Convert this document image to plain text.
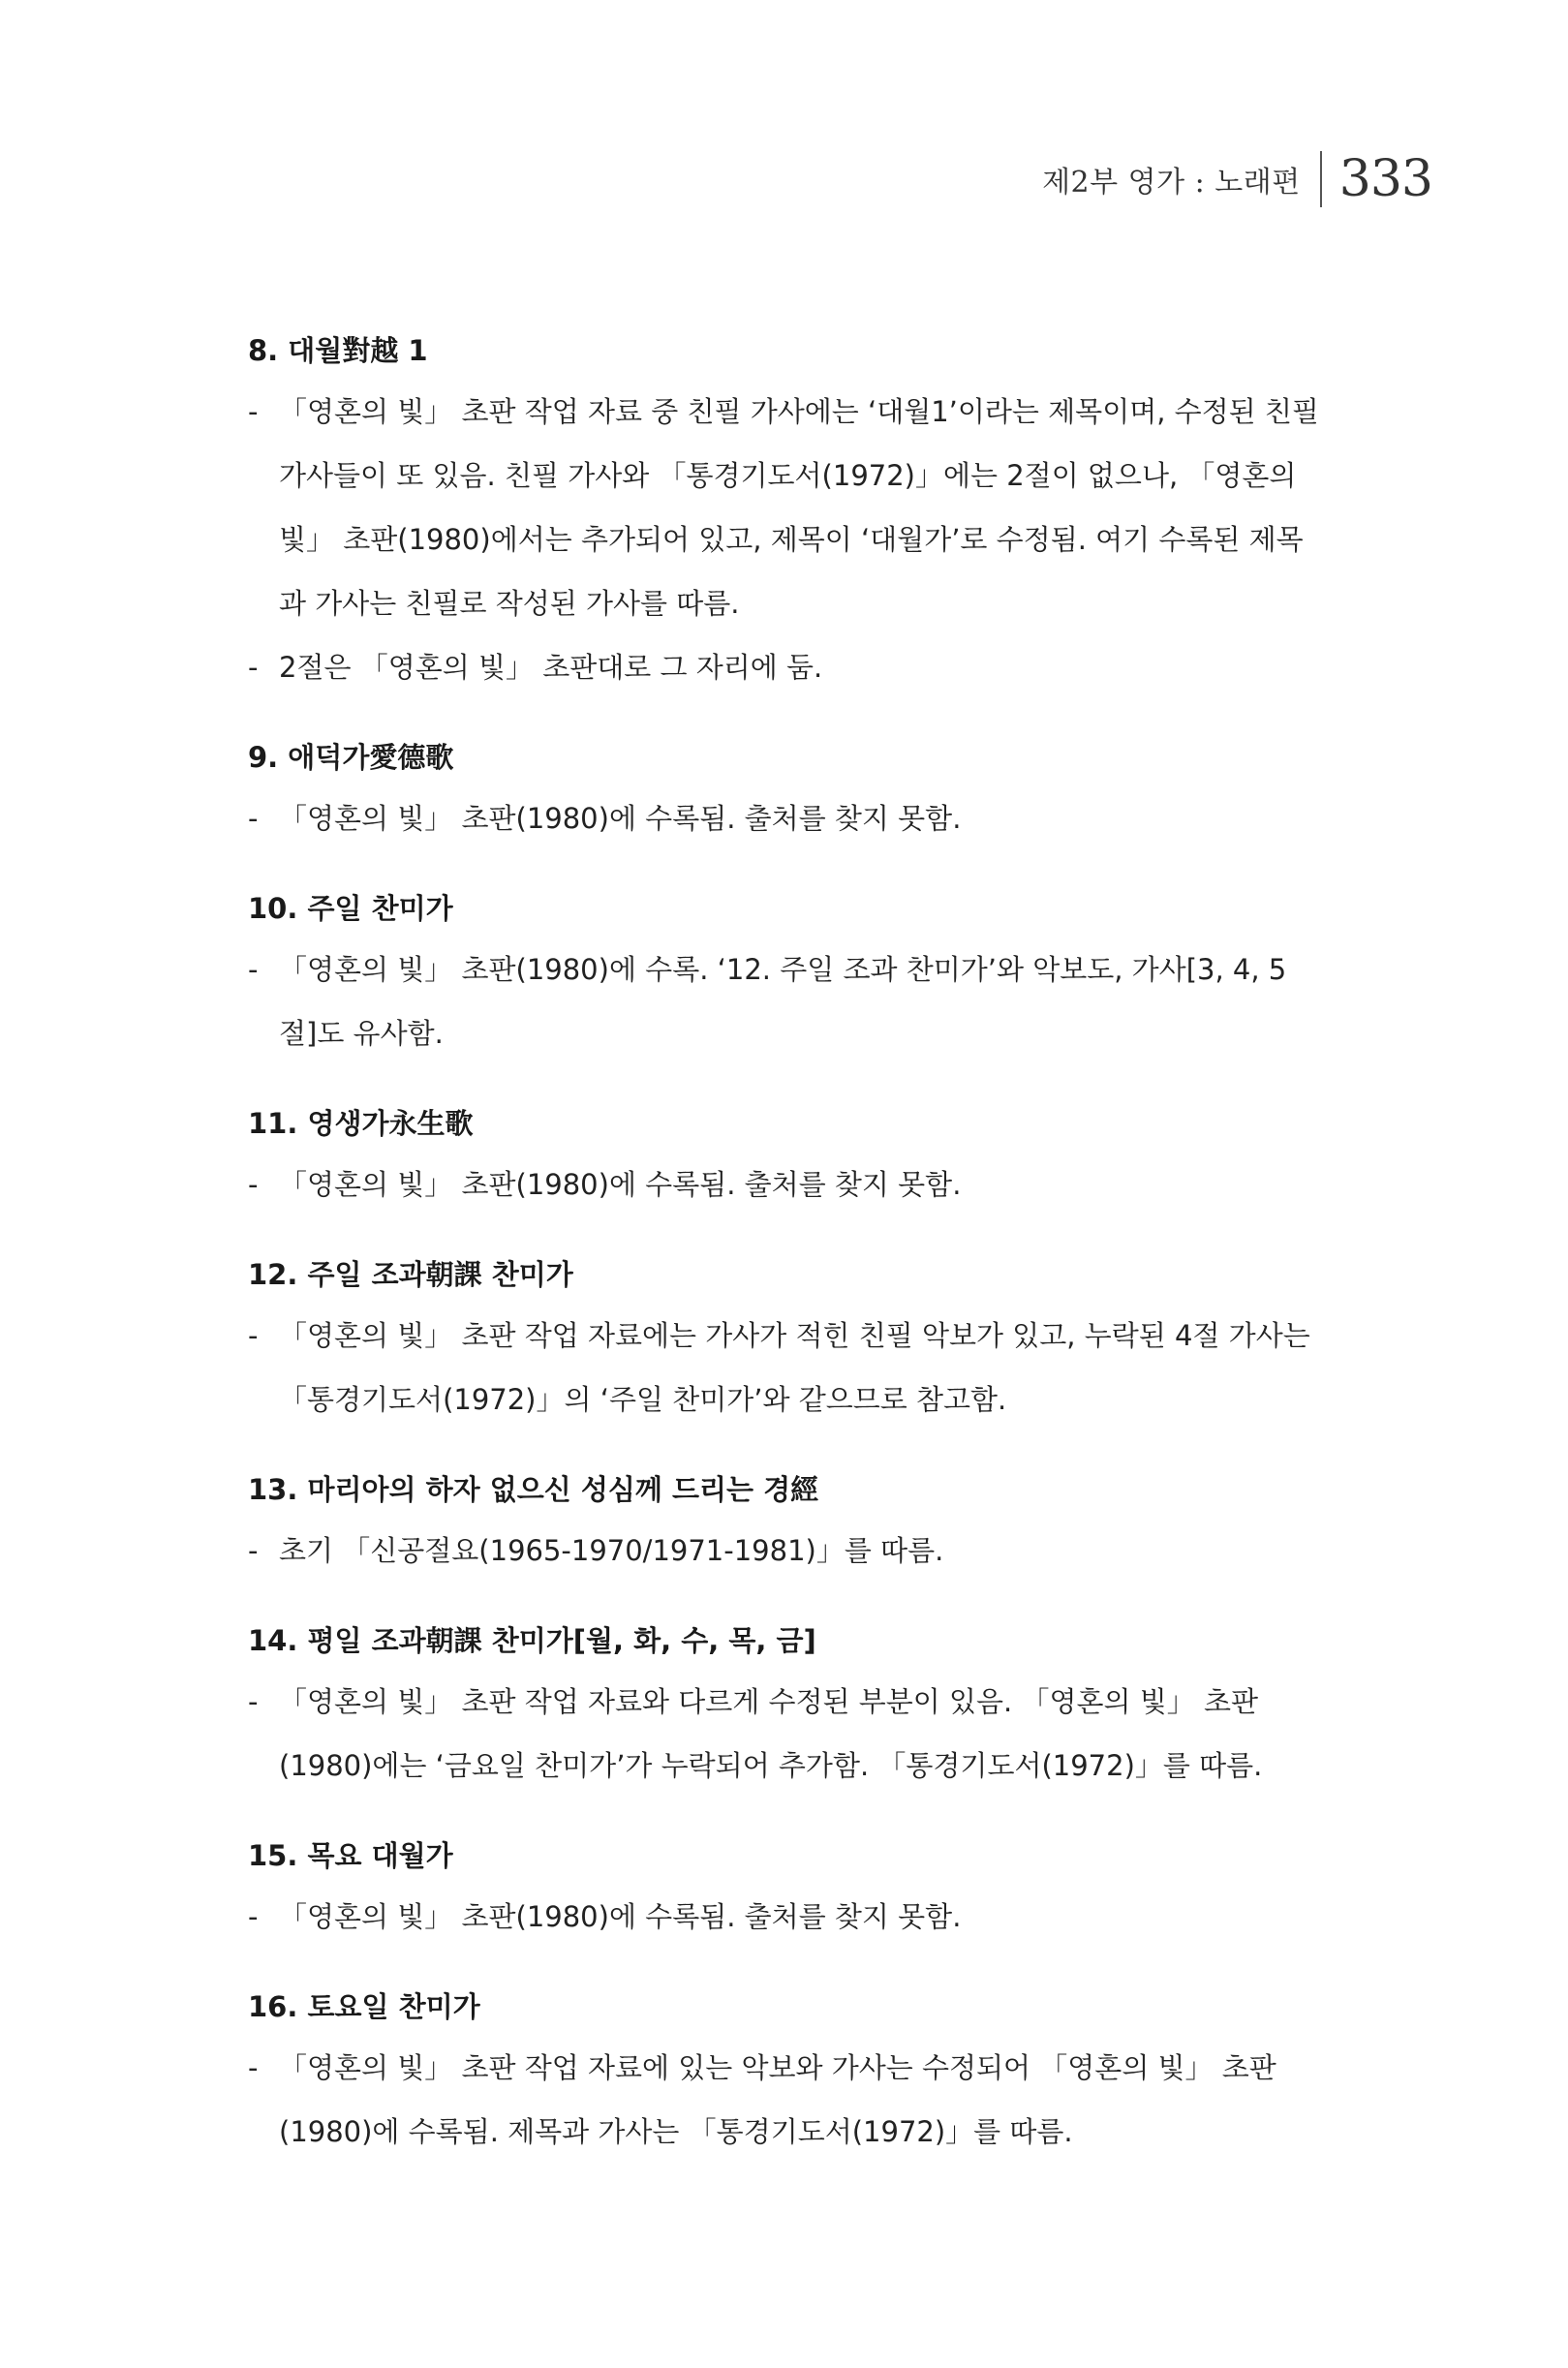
제2부 영가 : 노래편 333
8. 대월對越 1
- 「영혼의 빛」 초판 작업 자료 중 친필 가사에는 ‘대월1’이라는 제목이며, 수정된 친필 가사들이 또 있음. 친필 가사와 「통경기도서(1972)」에는 2절이 없으나, 「영혼의 빛」 초판(1980)에서는 추가되어 있고, 제목이 ‘대월가’로 수정됨. 여기 수록된 제목과 가사는 친필로 작성된 가사를 따름.
- 2절은 「영혼의 빛」 초판대로 그 자리에 둠.
9. 애덕가愛德歌
- 「영혼의 빛」 초판(1980)에 수록됨. 출처를 찾지 못함.
10. 주일 찬미가
- 「영혼의 빛」 초판(1980)에 수록. ‘12. 주일 조과 찬미가’와 악보도, 가사[3, 4, 5절]도 유사함.
11. 영생가永生歌
- 「영혼의 빛」 초판(1980)에 수록됨. 출처를 찾지 못함.
12. 주일 조과朝課 찬미가
- 「영혼의 빛」 초판 작업 자료에는 가사가 적힌 친필 악보가 있고, 누락된 4절 가사는 「통경기도서(1972)」의 ‘주일 찬미가’와 같으므로 참고함.
13. 마리아의 하자 없으신 성심께 드리는 경經
- 초기 「신공절요(1965-1970/1971-1981)」를 따름.
14. 평일 조과朝課 찬미가[월, 화, 수, 목, 금]
- 「영혼의 빛」 초판 작업 자료와 다르게 수정된 부분이 있음. 「영혼의 빛」 초판(1980)에는 ‘금요일 찬미가’가 누락되어 추가함. 「통경기도서(1972)」를 따름.
15. 목요 대월가
- 「영혼의 빛」 초판(1980)에 수록됨. 출처를 찾지 못함.
16. 토요일 찬미가
- 「영혼의 빛」 초판 작업 자료에 있는 악보와 가사는 수정되어 「영혼의 빛」 초판(1980)에 수록됨. 제목과 가사는 「통경기도서(1972)」를 따름.
